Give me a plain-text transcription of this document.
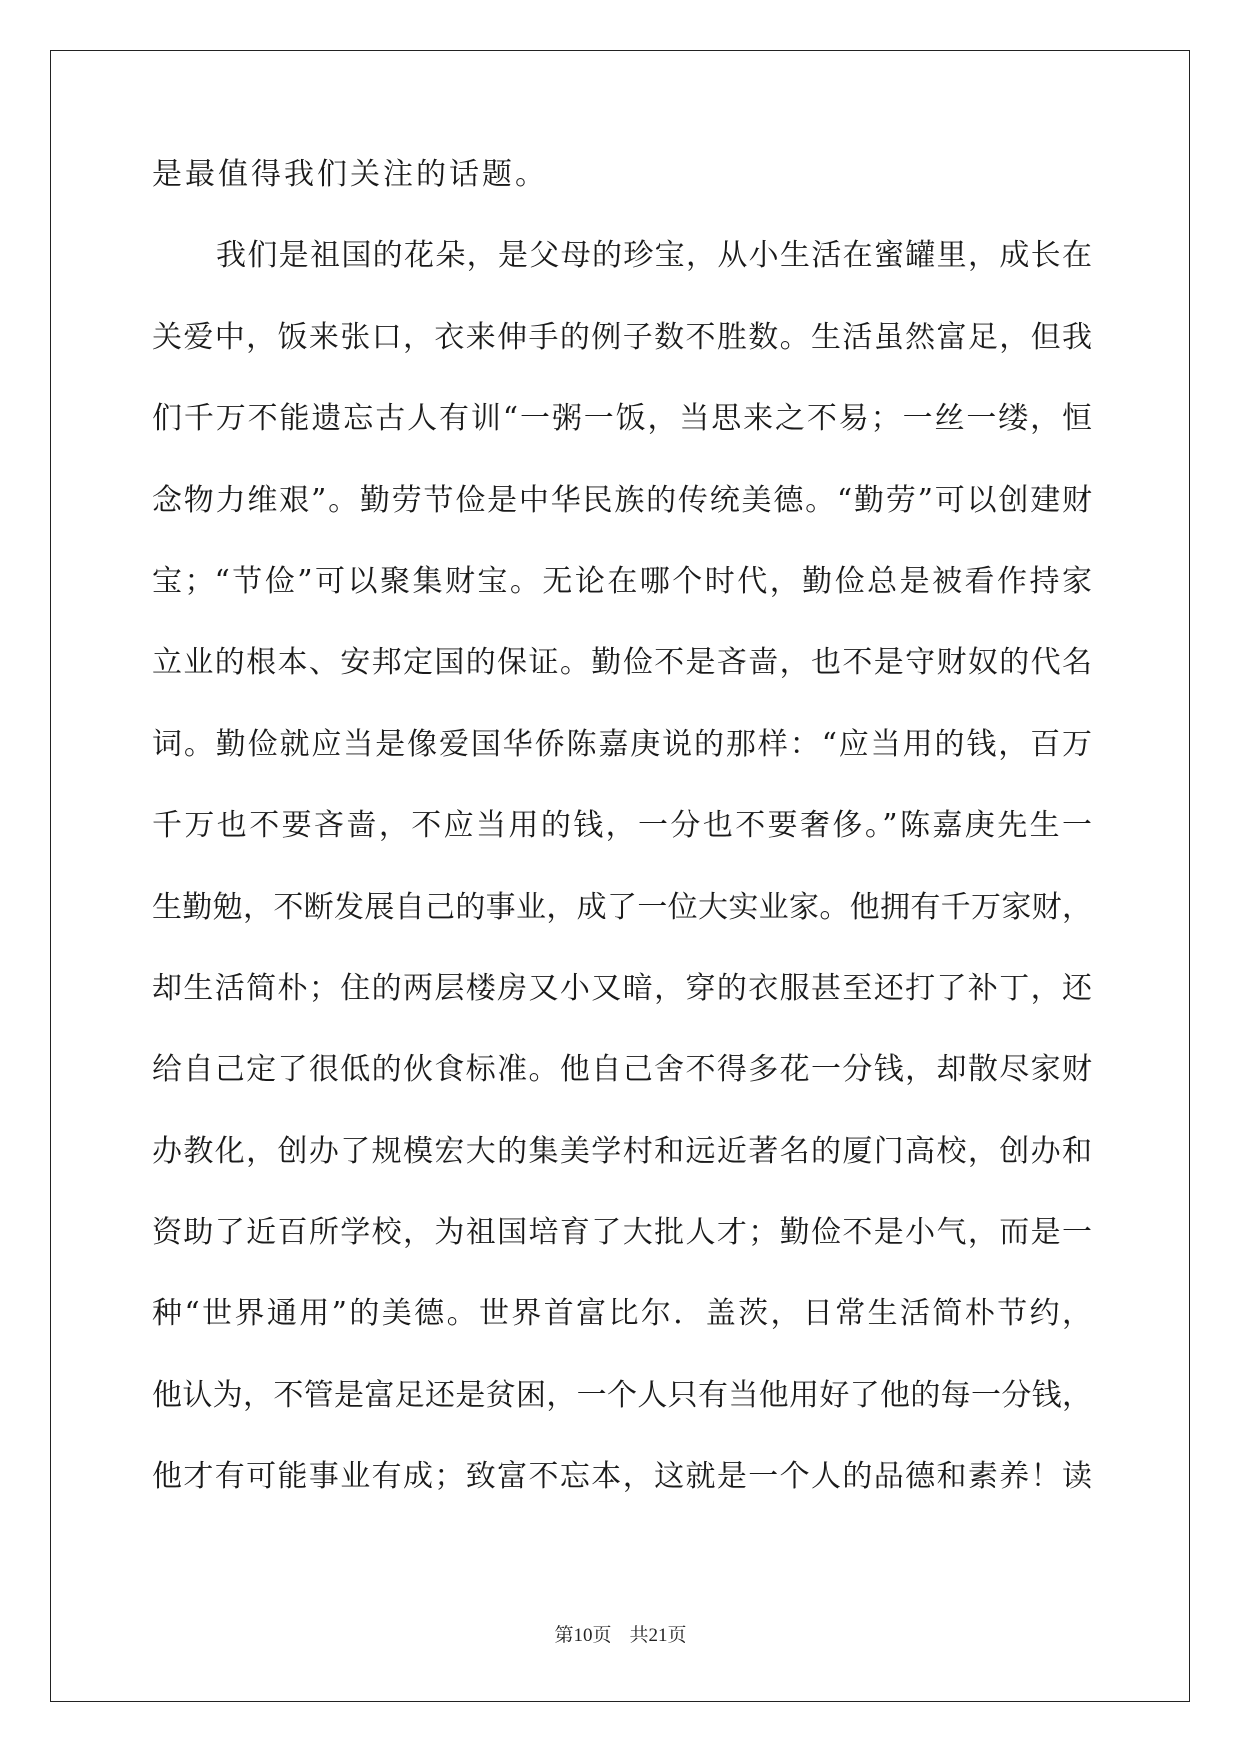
是最值得我们关注的话题。
我们是祖国的花朵，是父母的珍宝，从小生活在蜜罐里，成长在
关爱中，饭来张口，衣来伸手的例子数不胜数。生活虽然富足，但我
们千万不能遗忘古人有训“一粥一饭，当思来之不易；一丝一缕，恒
念物力维艰”。勤劳节俭是中华民族的传统美德。“勤劳”可以创建财
宝；“节俭”可以聚集财宝。无论在哪个时代，勤俭总是被看作持家
立业的根本、安邦定国的保证。勤俭不是吝啬，也不是守财奴的代名
词。勤俭就应当是像爱国华侨陈嘉庚说的那样：“应当用的钱，百万
千万也不要吝啬，不应当用的钱，一分也不要奢侈。”陈嘉庚先生一
生勤勉，不断发展自己的事业，成了一位大实业家。他拥有千万家财，
却生活简朴；住的两层楼房又小又暗，穿的衣服甚至还打了补丁，还
给自己定了很低的伙食标准。他自己舍不得多花一分钱，却散尽家财
办教化，创办了规模宏大的集美学村和远近著名的厦门高校，创办和
资助了近百所学校，为祖国培育了大批人才；勤俭不是小气，而是一
种“世界通用”的美德。世界首富比尔．盖茨，日常生活简朴节约，
他认为，不管是富足还是贫困，一个人只有当他用好了他的每一分钱，
他才有可能事业有成；致富不忘本，这就是一个人的品德和素养！读
第10页 共21页
